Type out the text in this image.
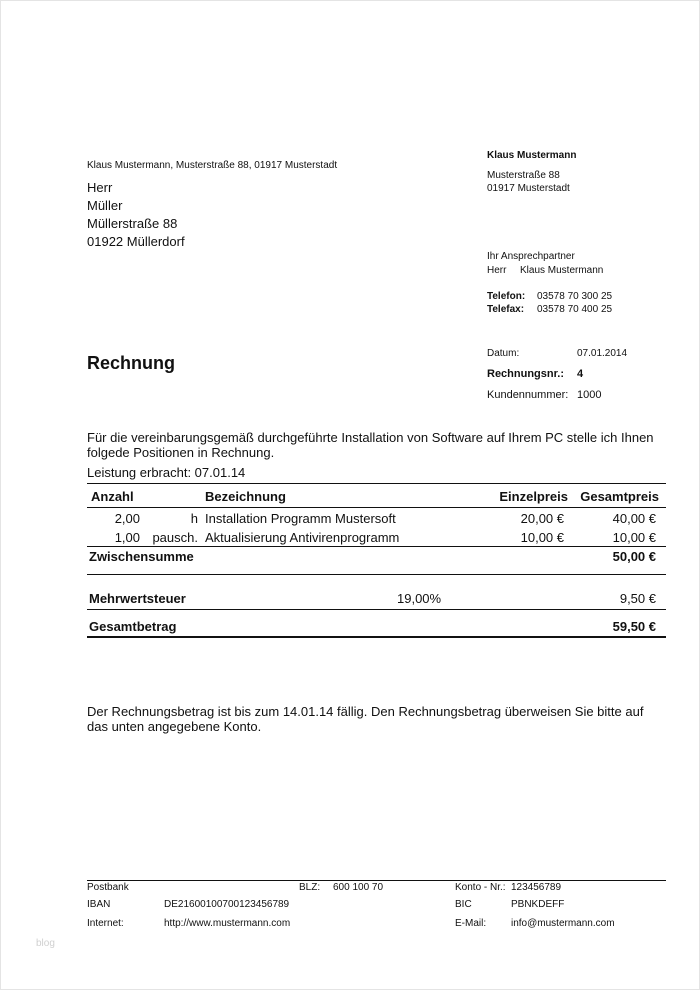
Klaus Mustermann, Musterstraße 88, 01917 Musterstadt
Herr
Müller
Müllerstraße 88
01922 Müllerdorf
Klaus Mustermann
Musterstraße 88
01917 Musterstadt
Ihr Ansprechpartner
Herr Klaus Mustermann
Telefon: 03578 70 300 25
Telefax: 03578 70 400 25
Rechnung	Datum:	07.01.2014
Rechnungsnr.: 4
Kundennummer: 1000
Für die vereinbarungsgemäß durchgeführte Installation von Software auf Ihrem PC stelle ich Ihnen
folgede Positionen in Rechnung.
Leistung erbracht: 07.01.14
Anzahl	Bezeichnung	Einzelpreis Gesamtpreis
2,00	h Installation Programm Mustersoft	20,00 €	40,00 €
1,00 pausch. Aktualisierung Antivirenprogramm	10,00 €	10,00 €
Zwischensumme	50,00 €
Mehrwertsteuer	19,00%	9,50 €
Gesamtbetrag	59,50 €
Der Rechnungsbetrag ist bis zum 14.01.14 fällig. Den Rechnungsbetrag überweisen Sie bitte auf
das unten angegebene Konto.
Postbank	BLZ: 600 100 70	Konto - Nr.: 123456789
IBAN	DE21600100700123456789	BIC	PBNKDEFF
Internet:	http://www.mustermann.com	E-Mail: info@mustermann.com
blog
